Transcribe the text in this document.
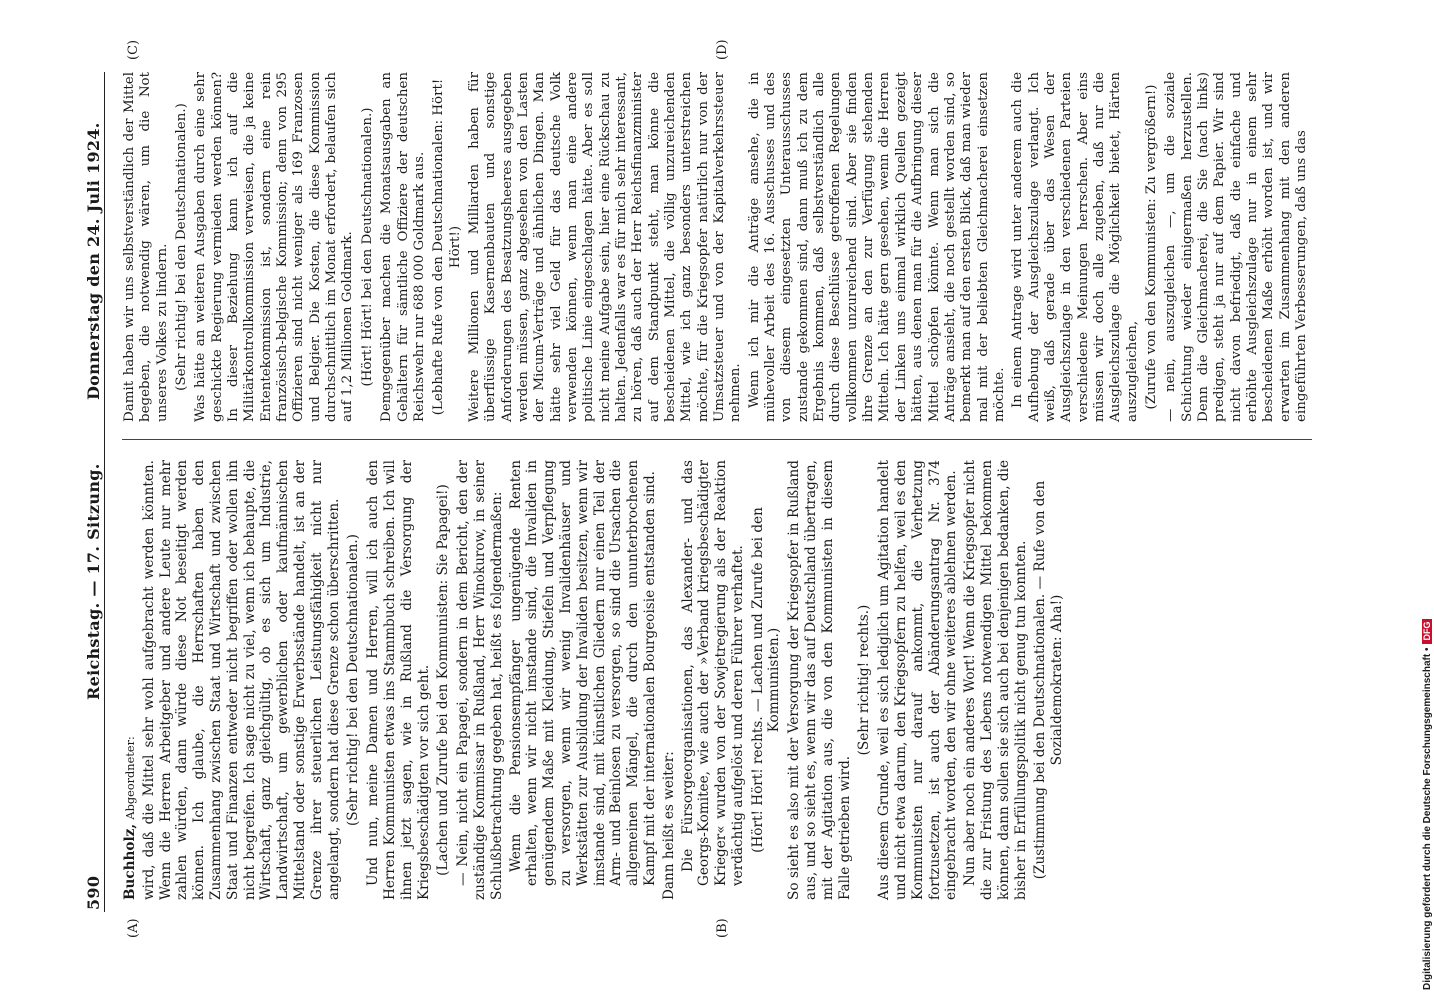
590
Reichstag. — 17. Sitzung.
Donnerstag den 24. Juli 1924.
(A)	(B)
(C)	(D)

Buchholz, Abgeordneter: wird, daß die Mittel sehr wohl aufgebracht werden könnten. Wenn die Herren Arbeitgeber und andere Leute nur mehr zahlen würden, dann würde diese Not beseitigt werden können. Ich glaube, die Herrschaften haben den Zusammenhang zwischen Staat und Wirtschaft und zwischen Staat und Finanzen entweder nicht begriffen oder wollen ihn nicht begreifen. Ich sage nicht zu viel, wenn ich behaupte, die Wirtschaft, ganz gleichgültig, ob es sich um Industrie, Landwirtschaft, um gewerblichen oder kaufmännischen Mittelstand oder sonstige Erwerbsstände handelt, ist an der Grenze ihrer steuerlichen Leistungsfähigkeit nicht nur angelangt, sondern hat diese Grenze schon überschritten. (Sehr richtig! bei den Deutschnationalen.) Und nun, meine Damen und Herren, will ich auch den Herren Kommunisten etwas ins Stammbuch schreiben. Ich will ihnen jetzt sagen, wie in Rußland die Versorgung der Kriegsbeschädigten vor sich geht. (Lachen und Zurufe bei den Kommunisten: Sie Papagei!) — Nein, nicht ein Papagei, sondern in dem Bericht, den der zuständige Kommissar in Rußland, Herr Winokurow, in seiner Schlußbetrachtung gegeben hat, heißt es folgendermaßen: Wenn die Pensionsempfänger ungenügende Renten erhalten, wenn wir nicht imstande sind, die Invaliden in genügendem Maße mit Kleidung, Stiefeln und Verpflegung zu versorgen, wenn wir wenig Invalidenhäuser und Werkstätten zur Ausbildung der Invaliden besitzen, wenn wir imstande sind, mit künstlichen Gliedern nur einen Teil der Arm- und Beinlosen zu versorgen, so sind die Ursachen die allgemeinen Mängel, die durch den ununterbrochenen Kampf mit der internationalen Bourgeoisie entstanden sind. Dann heißt es weiter: Die Fürsorgeorganisationen, das Alexander- und das Georgs-Komitee, wie auch der »Verband kriegsbeschädigter Krieger« wurden von der Sowjetregierung als der Reaktion verdächtig aufgelöst und deren Führer verhaftet. (Hört! Hört! rechts. — Lachen und Zurufe bei den Kommunisten.) So sieht es also mit der Versorgung der Kriegsopfer in Rußland aus, und so sieht es, wenn wir das auf Deutschland übertragen, mit der Agitation aus, die von den Kommunisten in diesem Falle getrieben wird.

(Sehr richtig! rechts.) Aus diesem Grunde, weil es sich lediglich um Agitation handelt und nicht etwa darum, den Kriegsopfern zu helfen, weil es den Kommunisten nur darauf ankommt, die Verhetzung fortzusetzen, ist auch der Abänderungsantrag Nr. 374 eingebracht worden, den wir ohne weiteres ablehnen werden. Nun aber noch ein anderes Wort! Wenn die Kriegsopfer nicht die zur Fristung des Lebens notwendigen Mittel bekommen können, dann sollen sie sich auch bei denjenigen bedanken, die bisher in Erfüllungspolitik nicht genug tun konnten. (Zustimmung bei den Deutschnationalen. — Rufe von den Sozialdemokraten: Aha!)

Damit haben wir uns selbstverständlich der Mittel begeben, die notwendig wären, um die Not unseres Volkes zu lindern. (Sehr richtig! bei den Deutschnationalen.) Was hätte an weiteren Ausgaben durch eine sehr geschickte Regierung vermieden werden können? In dieser Beziehung kann ich auf die Militärkontrollkommission verweisen, die ja keine Ententekommission ist, sondern eine rein französisch-belgische Kommission; denn von 295 Offizieren sind nicht weniger als 169 Franzosen und Belgier. Die Kosten, die diese Kommission durchschnittlich im Monat erfordert, belaufen sich auf 1,2 Millionen Goldmark. (Hört! Hört! bei den Deutschnationalen.) Demgegenüber machen die Monatsausgaben an Gehältern für sämtliche Offiziere der deutschen Reichswehr nur 688 000 Goldmark aus. (Lebhafte Rufe von den Deutschnationalen: Hört! Hört!) Weitere Millionen und Milliarden haben für überflüssige Kasernenbauten und sonstige Anforderungen des Besatzungsheeres ausgegeben werden müssen, ganz abgesehen von den Lasten der Micum-Verträge und ähnlichen Dingen. Man hätte sehr viel Geld für das deutsche Volk verwenden können, wenn man eine andere politische Linie eingeschlagen hätte. Aber es soll nicht meine Aufgabe sein, hier eine Rückschau zu halten. Jedenfalls war es für mich sehr interessant, zu hören, daß auch der Herr Reichsfinanzminister auf dem Standpunkt steht, man könne die bescheidenen Mittel, die völlig unzureichenden Mittel, wie ich ganz besonders unterstreichen möchte, für die Kriegsopfer natürlich nur von der Umsatzsteuer und von der Kapitalverkehrssteuer nehmen. Wenn ich mir die Anträge ansehe, die in mühevoller Arbeit des 16. Ausschusses und des von diesem eingesetzten Unterausschusses zustande gekommen sind, dann muß ich zu dem Ergebnis kommen, daß selbstverständlich alle durch diese Beschlüsse getroffenen Regelungen vollkommen unzureichend sind. Aber sie finden ihre Grenze an den zur Verfügung stehenden Mitteln. Ich hätte gern gesehen, wenn die Herren der Linken uns einmal wirklich Quellen gezeigt hätten, aus denen man für die Aufbringung dieser Mittel schöpfen könnte. Wenn man sich die Anträge ansieht, die noch gestellt worden sind, so bemerkt man auf den ersten Blick, daß man wieder mal mit der beliebten Gleichmacherei einsetzen möchte. In einem Antrage wird unter anderem auch die Aufhebung der Ausgleichszulage verlangt. Ich weiß, daß gerade über das Wesen der Ausgleichszulage in den verschiedenen Parteien verschiedene Meinungen herrschen. Aber eins müssen wir doch alle zugeben, daß nur die Ausgleichszulage die Möglichkeit bietet, Härten auszugleichen, (Zurufe von den Kommunisten: Zu vergrößern!) — nein, auszugleichen —, um die soziale Schichtung wieder einigermaßen herzustellen. Denn die Gleichmacherei, die Sie (nach links) predigen, steht ja nur auf dem Papier. Wir sind nicht davon befriedigt, daß die einfache und erhöhte Ausgleichszulage nur in einem sehr bescheidenen Maße erhöht worden ist, und wir erwarten im Zusammenhang mit den anderen eingeführten Verbesserungen, daß uns das

Digitalisierung gefördert durch die Deutsche Forschungsgemeinschaft •DFG
